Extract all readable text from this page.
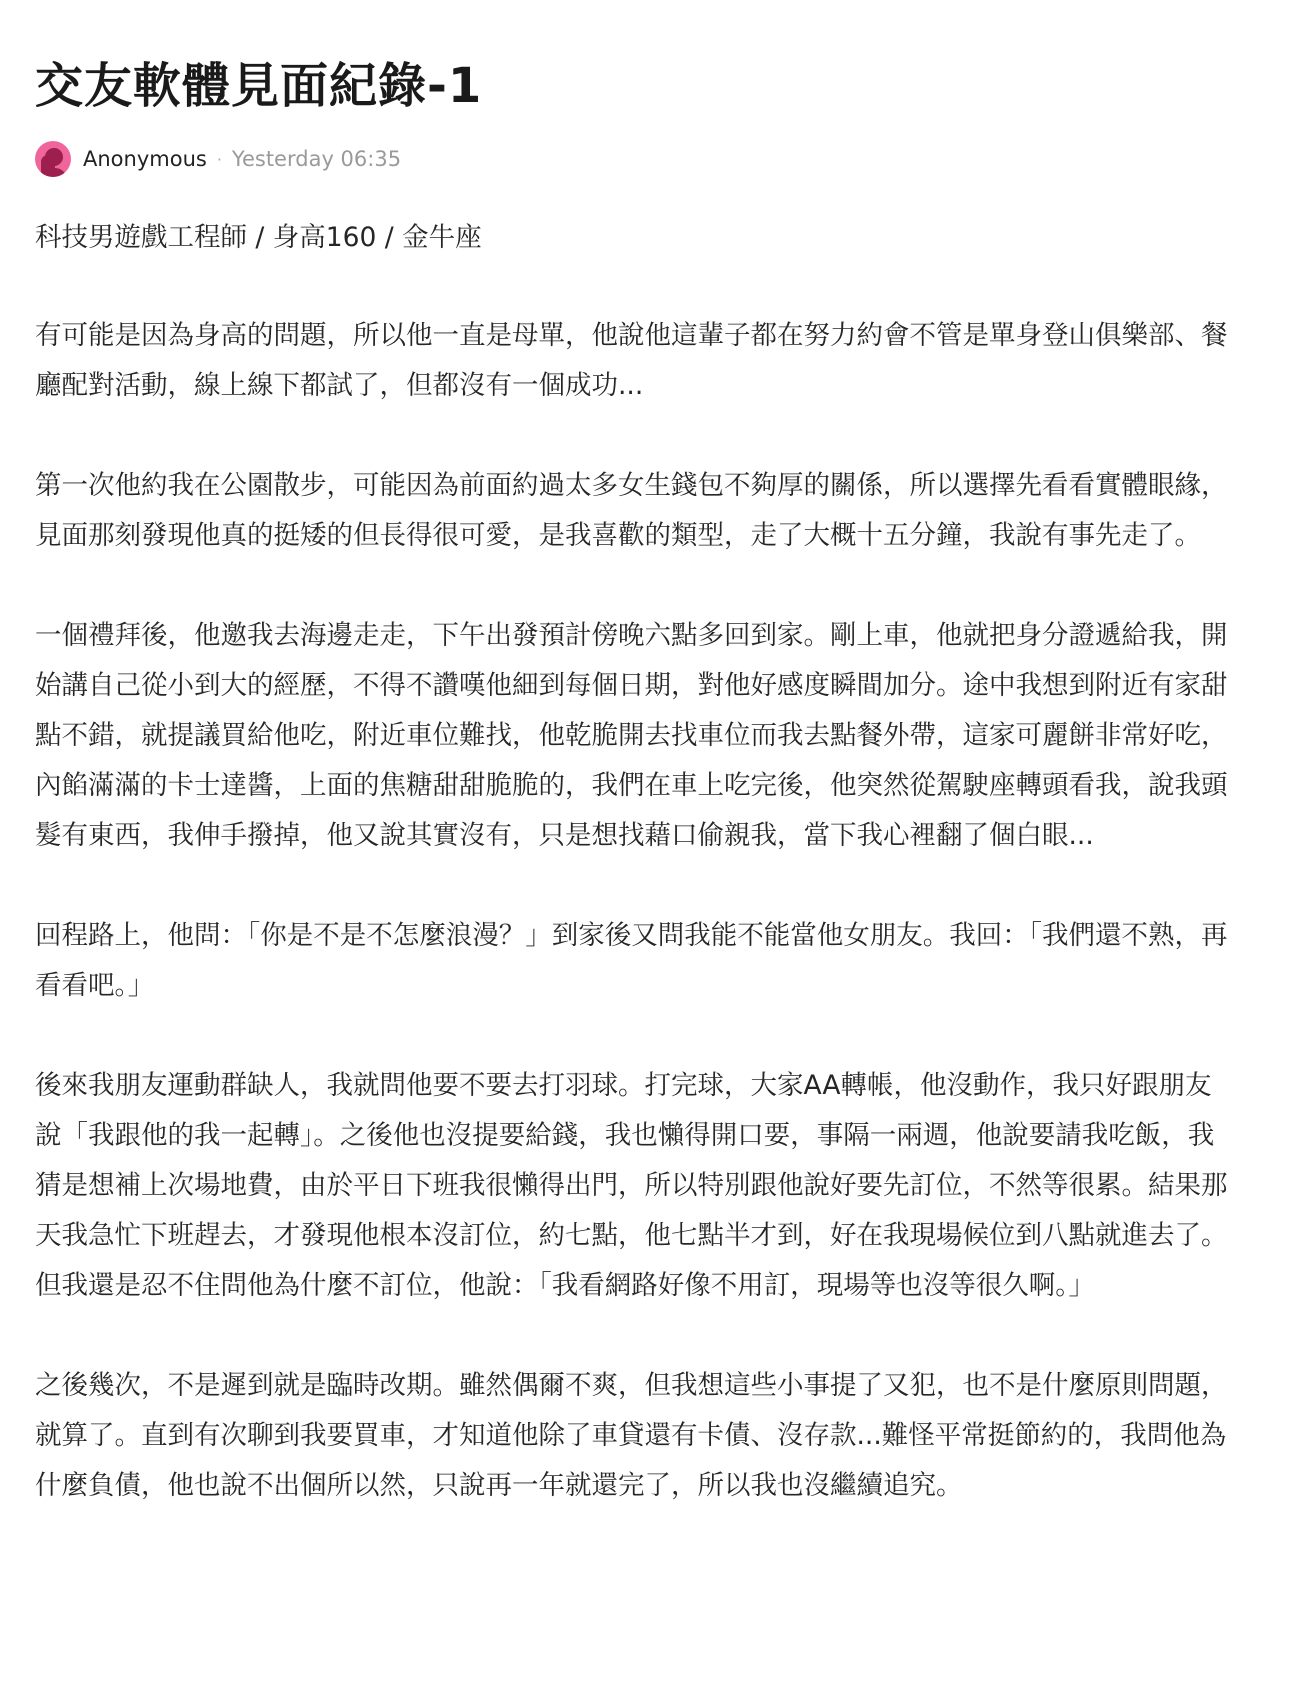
交友軟體見面紀錄-1
Anonymous · Yesterday 06:35

科技男遊戲工程師 / 身高160 / 金牛座

有可能是因為身高的問題，所以他一直是母單，他說他這輩子都在努力約會不管是單身登山俱樂部、餐廳配對活動，線上線下都試了，但都沒有一個成功...

第一次他約我在公園散步，可能因為前面約過太多女生錢包不夠厚的關係，所以選擇先看看實體眼緣，見面那刻發現他真的挺矮的但長得很可愛，是我喜歡的類型，走了大概十五分鐘，我說有事先走了。

一個禮拜後，他邀我去海邊走走，下午出發預計傍晚六點多回到家。剛上車，他就把身分證遞給我，開始講自己從小到大的經歷，不得不讚嘆他細到每個日期，對他好感度瞬間加分。途中我想到附近有家甜點不錯，就提議買給他吃，附近車位難找，他乾脆開去找車位而我去點餐外帶，這家可麗餅非常好吃，內餡滿滿的卡士達醬，上面的焦糖甜甜脆脆的，我們在車上吃完後，他突然從駕駛座轉頭看我，說我頭髮有東西，我伸手撥掉，他又說其實沒有，只是想找藉口偷親我，當下我心裡翻了個白眼...

回程路上，他問：「你是不是不怎麼浪漫？」到家後又問我能不能當他女朋友。我回：「我們還不熟，再看看吧。」

後來我朋友運動群缺人，我就問他要不要去打羽球。打完球，大家AA轉帳，他沒動作，我只好跟朋友說「我跟他的我一起轉」。之後他也沒提要給錢，我也懶得開口要，事隔一兩週，他說要請我吃飯，我猜是想補上次場地費，由於平日下班我很懶得出門，所以特別跟他說好要先訂位，不然等很累。結果那天我急忙下班趕去，才發現他根本沒訂位，約七點，他七點半才到，好在我現場候位到八點就進去了。但我還是忍不住問他為什麼不訂位，他說：「我看網路好像不用訂，現場等也沒等很久啊。」

之後幾次，不是遲到就是臨時改期。雖然偶爾不爽，但我想這些小事提了又犯，也不是什麼原則問題，就算了。直到有次聊到我要買車，才知道他除了車貸還有卡債、沒存款...難怪平常挺節約的，我問他為什麼負債，他也說不出個所以然，只說再一年就還完了，所以我也沒繼續追究。
